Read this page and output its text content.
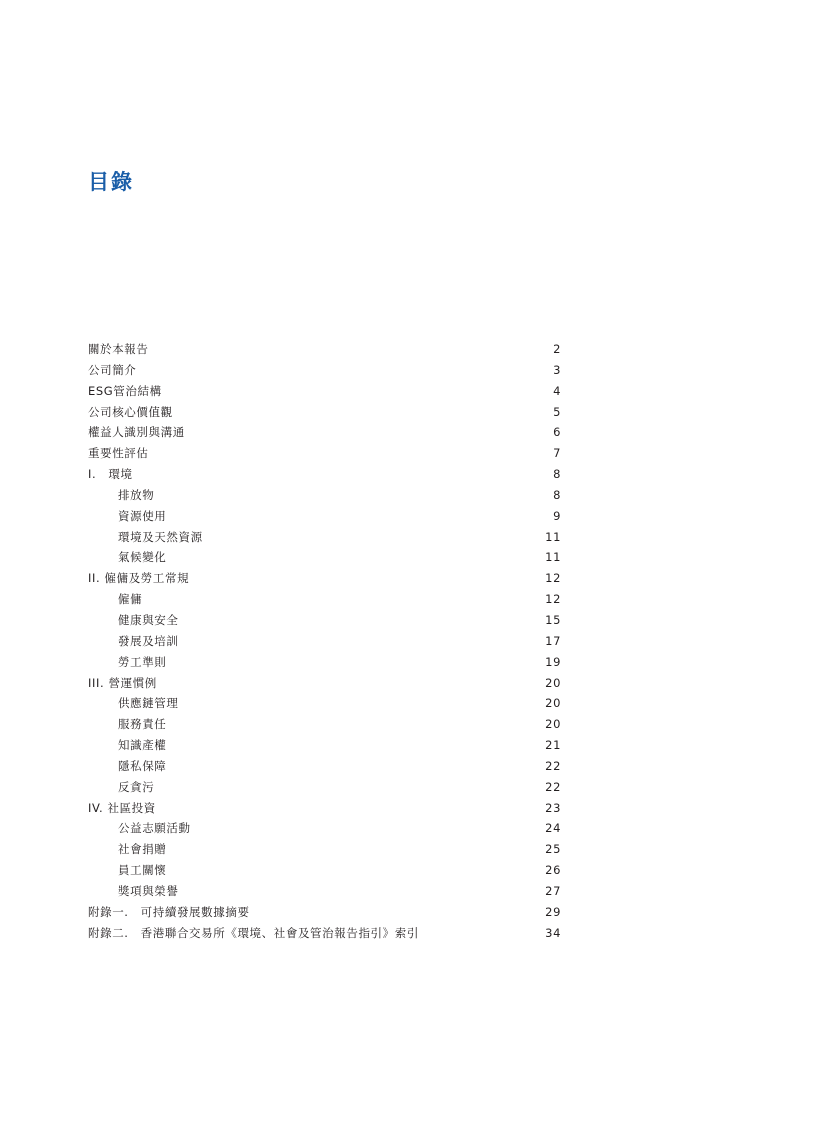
目錄
關於本報告	2
公司簡介	3
ESG管治結構	4
公司核心價值觀	5
權益人識別與溝通	6
重要性評估	7
I.　環境	8
排放物	8
資源使用	9
環境及天然資源	11
氣候變化	11
II. 僱傭及勞工常規	12
僱傭	12
健康與安全	15
發展及培訓	17
勞工準則	19
III. 營運慣例	20
供應鏈管理	20
服務責任	20
知識產權	21
隱私保障	22
反貪污	22
IV. 社區投資	23
公益志願活動	24
社會捐贈	25
員工關懷	26
獎項與榮譽	27
附錄一.　可持續發展數據摘要	29
附錄二.　香港聯合交易所《環境、社會及管治報告指引》索引	34
